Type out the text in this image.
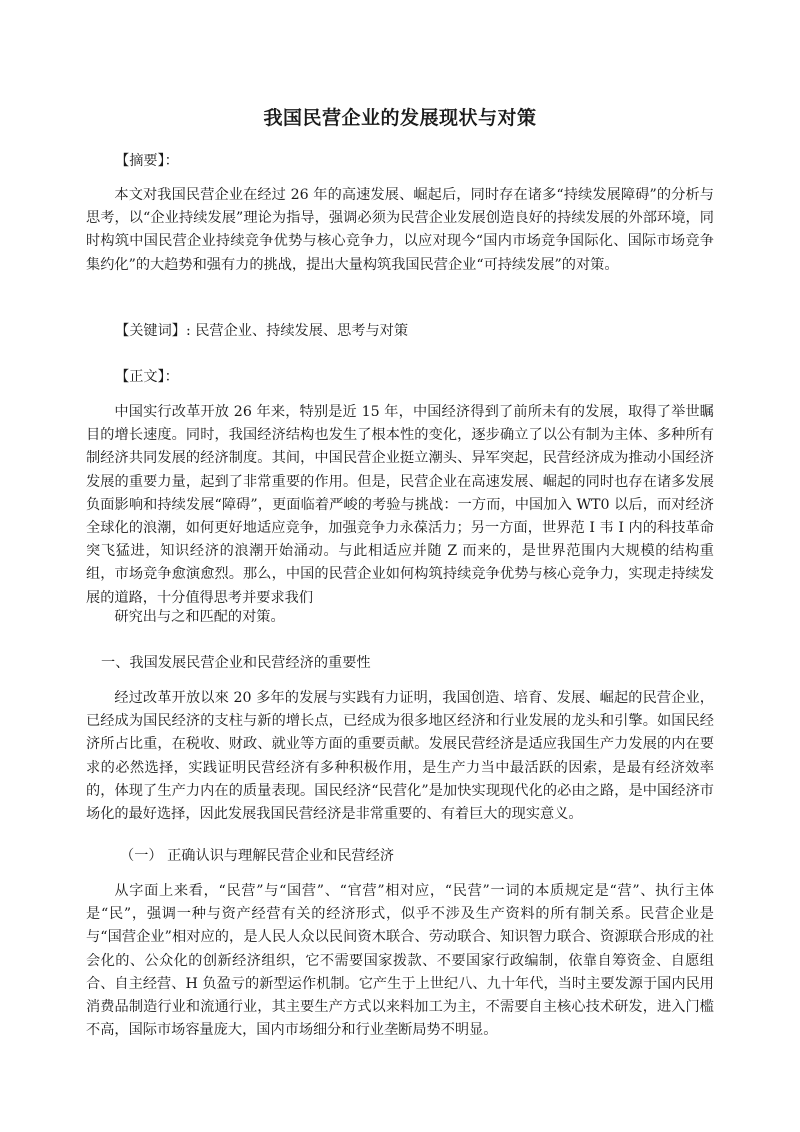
我国民营企业的发展现状与对策

【摘要】：

本文对我国民营企业在经过 26 年的高速发展、崛起后，同时存在诸多“持续发展障碍”的分析与思考，以“企业持续发展”理论为指导，强调必须为民营企业发展创造良好的持续发展的外部环境，同时构筑中国民营企业持续竞争优势与核心竞争力，以应对现今“国内市场竞争国际化、国际市场竞争集约化”的大趋势和强有力的挑战，提出大量构筑我国民营企业“可持续发展”的对策。

【关键词】: 民营企业、持续发展、思考与对策

【正文】：

中国实行改革开放 26 年来，特别是近 15 年，中国经济得到了前所未有的发展，取得了举世瞩目的增长速度。同时，我国经济结构也发生了根本性的变化，逐步确立了以公有制为主体、多种所有制经济共同发展的经济制度。其间，中国民营企业挺立潮头、异军突起，民营经济成为推动小国经济发展的重要力量，起到了非常重要的作用。但是，民营企业在高速发展、崛起的同时也存在诸多发展负面影响和持续发展“障碍”，更面临着严峻的考验与挑战：一方而，中国加入 WT0 以后，而对经济全球化的浪潮，如何更好地适应竞争，加强竞争力永葆活力；另一方面，世界范 I 韦 I 内的科技革命突飞猛进，知识经济的浪潮开始涌动。与此相适应并随 Z 而来的，是世界范围内大规模的结构重组，市场竞争愈演愈烈。那么，中国的民营企业如何构筑持续竞争优势与核心竞争力，实现走持续发展的道路，十分值得思考并要求我们

研究出与之和匹配的对策。

一、我国发展民营企业和民营经济的重要性

经过改革开放以來 20 多年的发展与实践有力证明，我国创造、培育、发展、崛起的民营企业，已经成为国民经济的支柱与新的增长点，已经成为很多地区经济和行业发展的龙头和引擎。如国民经济所占比重，在税收、财政、就业等方面的重要贡献。发展民营经济是适应我国生产力发展的内在要求的必然选择，实践证明民营经济有多种积极作用，是生产力当中最活跃的因索，是最有经济效率的，体现了生产力内在的质量表现。国民经济“民营化”是加快实现现代化的必由之路，是中国经济市场化的最好选择，因此发展我国民营经济是非常重要的、有着巨大的现实意义。

（一） 正确认识与理解民营企业和民营经济

从字面上来看，“民营”与“国营”、“官营”相对应，“民营”一词的本质规定是“营”、执行主体是“民”，强调一种与资产经营有关的经济形式，似乎不涉及生产资料的所有制关系。民营企业是与“国营企业”相对应的，是人民人众以民间资木联合、劳动联合、知识智力联合、资源联合形成的社会化的、公众化的创新经济组织，它不需要国家拨款、不要国家行政编制，依靠自筹资金、自愿组合、自主经营、H 负盈亏的新型运作机制。它产生于上世纪八、九十年代，当时主要发源于国内民用消费品制造行业和流通行业，其主要生产方式以来料加工为主，不需要自主核心技术研发，进入门槛不高，国际市场容量庞大，国内市场细分和行业垄断局势不明显。
